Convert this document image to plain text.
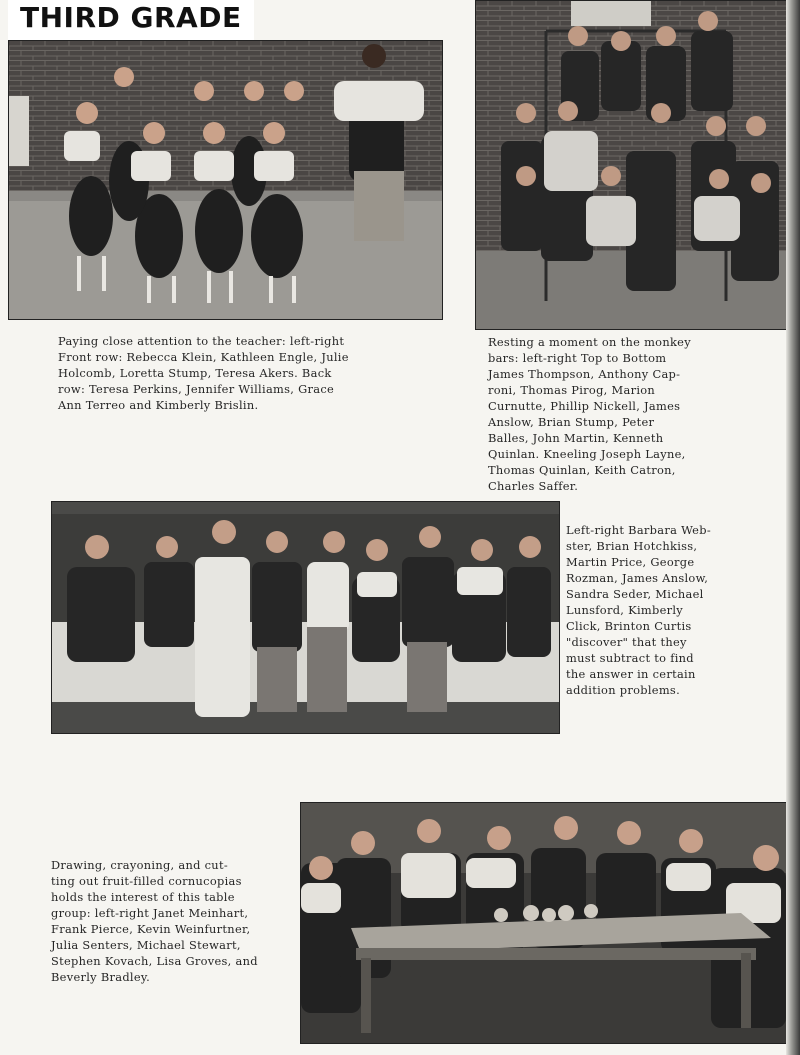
THIRD GRADE
Paying close attention to the teacher: left-right
Front row: Rebecca Klein, Kathleen Engle, Julie
Holcomb, Loretta Stump, Teresa Akers. Back
row: Teresa Perkins, Jennifer Williams, Grace
Ann Terreo and Kimberly Brislin.
Resting a moment on the monkey
bars: left-right Top to Bottom
James Thompson, Anthony Cap-
roni, Thomas Pirog, Marion
Curnutte, Phillip Nickell, James
Anslow, Brian Stump, Peter
Balles, John Martin, Kenneth
Quinlan. Kneeling Joseph Layne,
Thomas Quinlan, Keith Catron,
Charles Saffer.
Left-right Barbara Web-
ster, Brian Hotchkiss,
Martin Price, George
Rozman, James Anslow,
Sandra Seder, Michael
Lunsford, Kimberly
Click, Brinton Curtis
"discover" that they
must subtract to find
the answer in certain
addition problems.
Drawing, crayoning, and cut-
ting out fruit-filled cornucopias
holds the interest of this table
group: left-right Janet Meinhart,
Frank Pierce, Kevin Weinfurtner,
Julia Senters, Michael Stewart,
Stephen Kovach, Lisa Groves, and
Beverly Bradley.
